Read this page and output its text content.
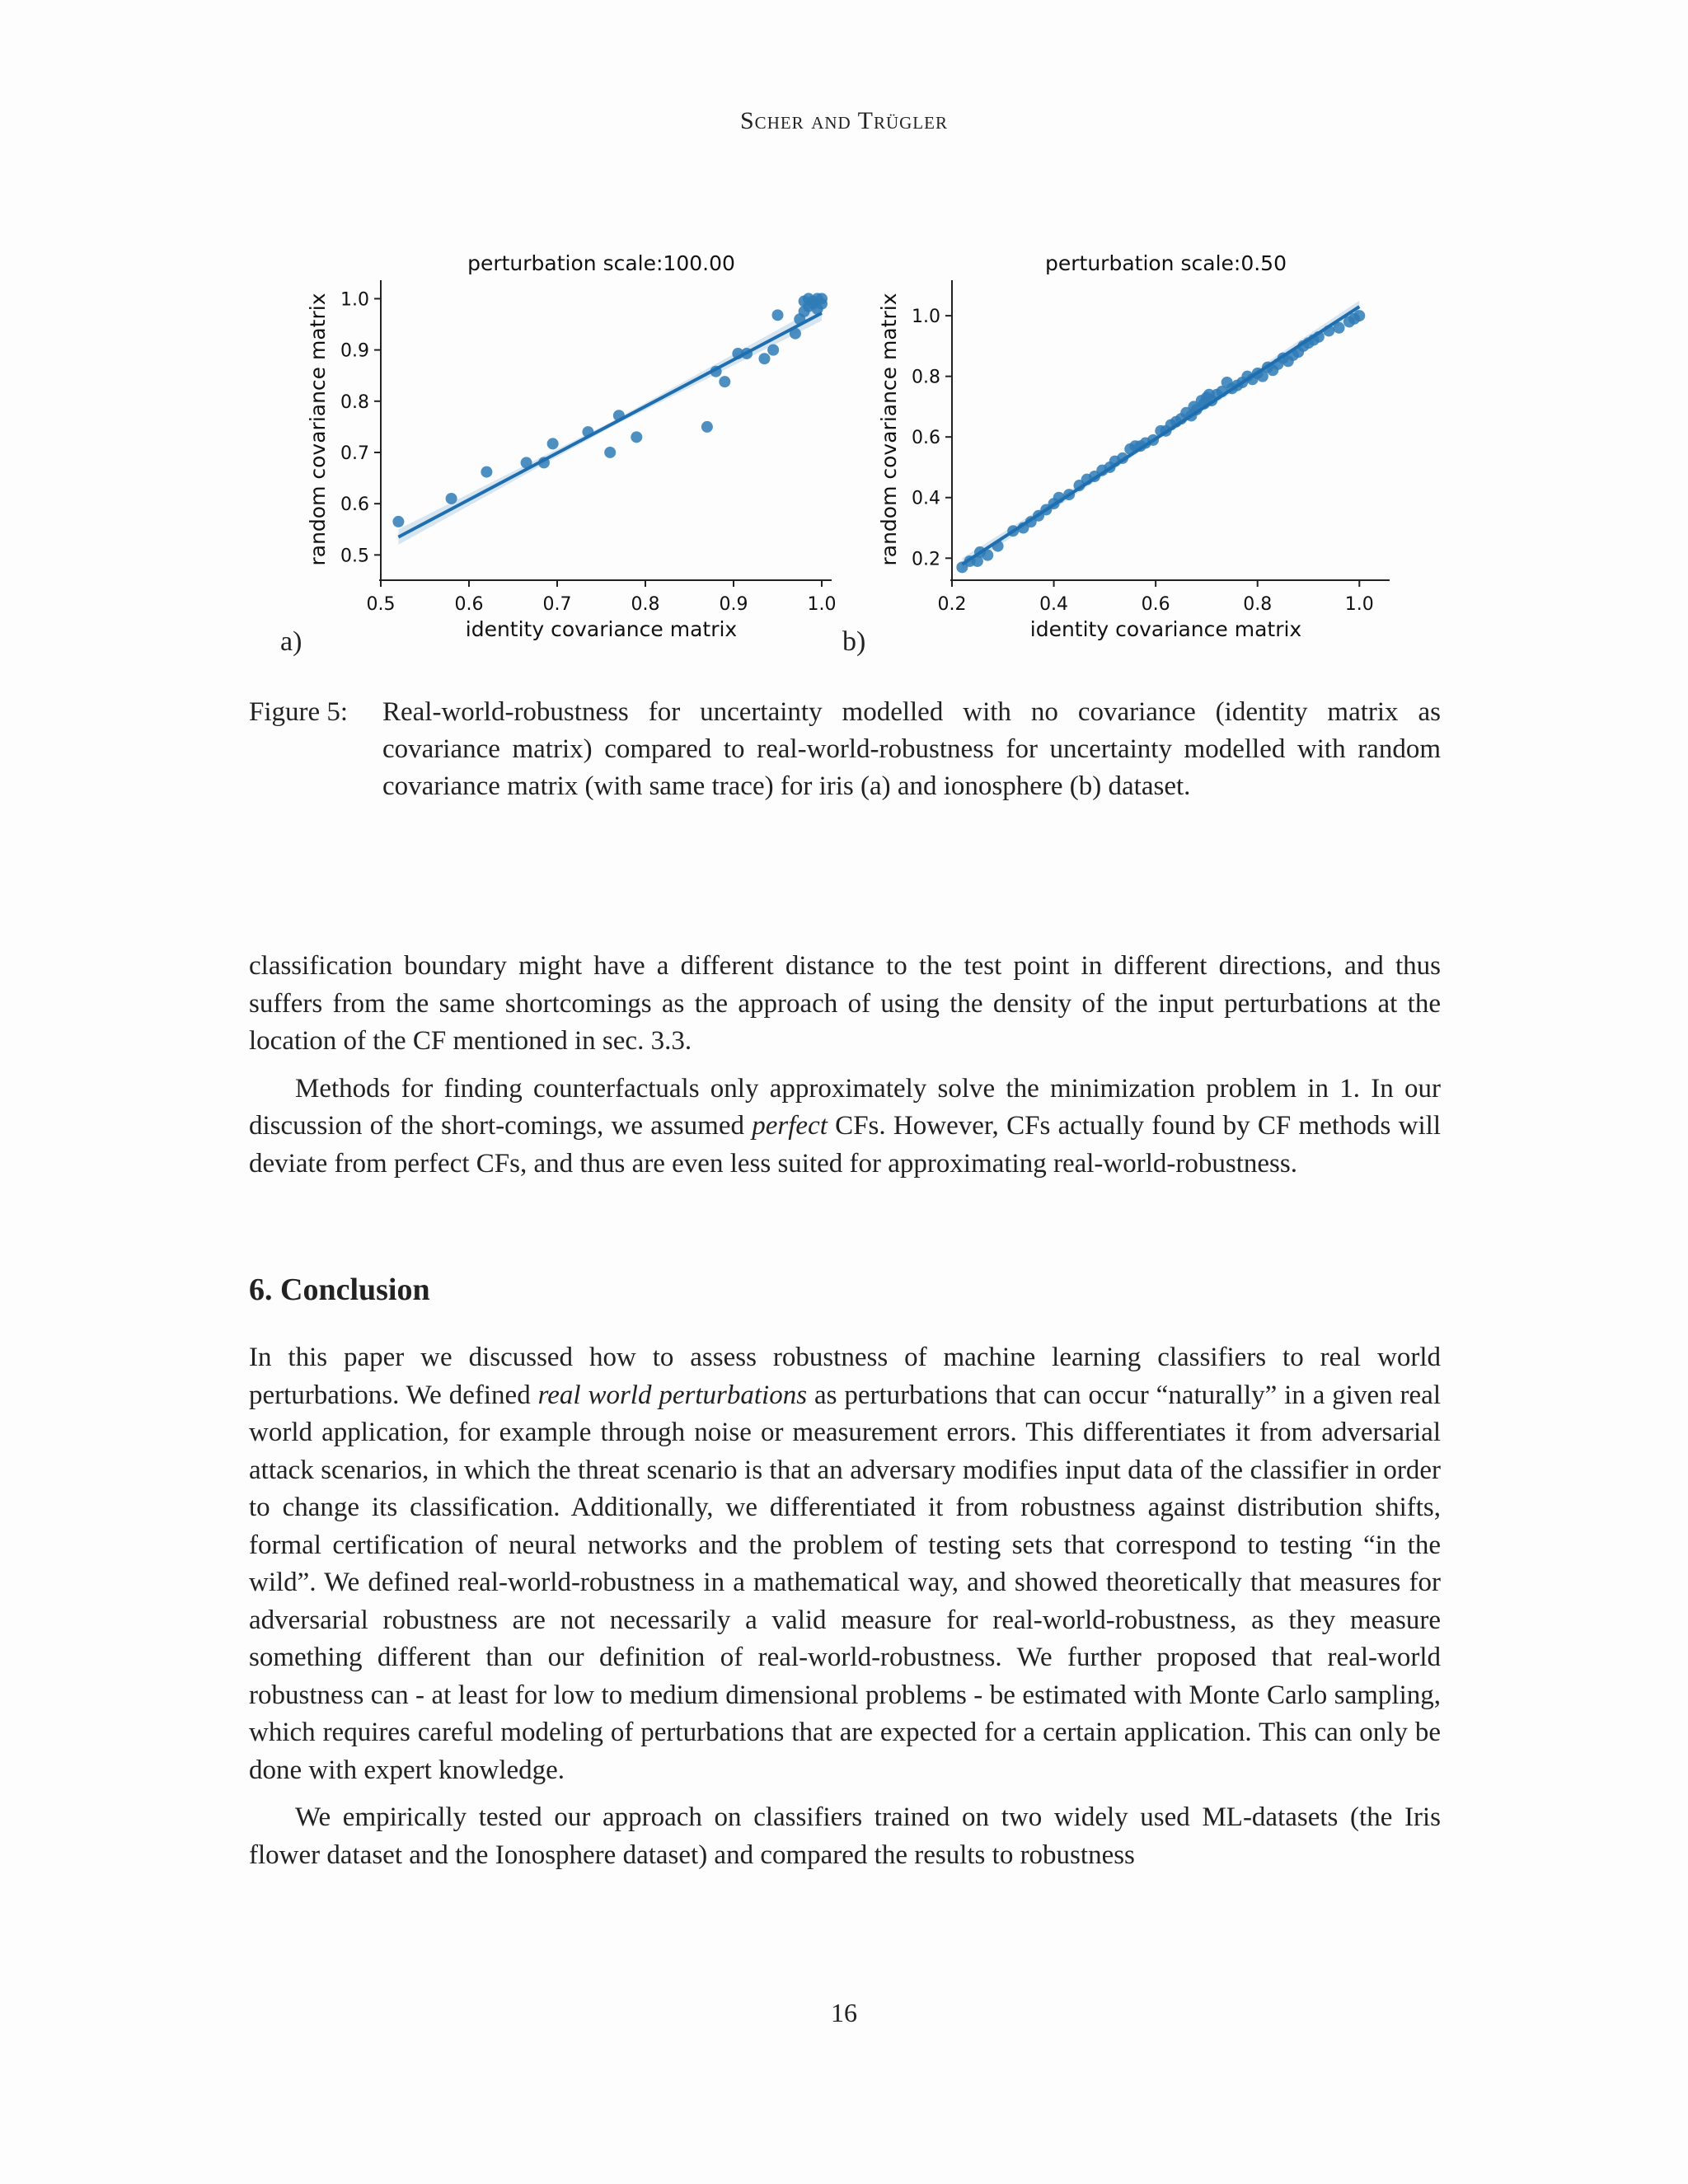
Scher and Trügler
0.5	0.6	0.7	0.8	0.9	1.0
0.5
0.6
0.7
0.8
0.9
1.0
perturbation scale:100.00
identity covariance matrix
random covariance matrix
0.2	0.4	0.6	0.8	1.0
0.2
0.4
0.6
0.8
1.0
perturbation scale:0.50
identity covariance matrix
random covariance matrix
a)	b)
Figure 5: Real-world-robustness for uncertainty modelled with no covariance (identity matrix as covariance matrix) compared to real-world-robustness for uncertainty modelled with random covariance matrix (with same trace) for iris (a) and ionosphere (b) dataset.

classification boundary might have a different distance to the test point in different directions, and thus suffers from the same shortcomings as the approach of using the density of the input perturbations at the location of the CF mentioned in sec. 3.3.

Methods for finding counterfactuals only approximately solve the minimization problem in 1. In our discussion of the short-comings, we assumed perfect CFs. However, CFs actually found by CF methods will deviate from perfect CFs, and thus are even less suited for approximating real-world-robustness.

6. Conclusion

In this paper we discussed how to assess robustness of machine learning classifiers to real world perturbations. We defined real world perturbations as perturbations that can occur “naturally” in a given real world application, for example through noise or measurement errors. This differentiates it from adversarial attack scenarios, in which the threat scenario is that an adversary modifies input data of the classifier in order to change its classification. Additionally, we differentiated it from robustness against distribution shifts, formal certification of neural networks and the problem of testing sets that correspond to testing “in the wild”. We defined real-world-robustness in a mathematical way, and showed theoretically that measures for adversarial robustness are not necessarily a valid measure for real-world-robustness, as they measure something different than our definition of real-world-robustness. We further proposed that real-world robustness can - at least for low to medium dimensional problems - be estimated with Monte Carlo sampling, which requires careful modeling of perturbations that are expected for a certain application. This can only be done with expert knowledge.

We empirically tested our approach on classifiers trained on two widely used ML-datasets (the Iris flower dataset and the Ionosphere dataset) and compared the results to robustness

16
